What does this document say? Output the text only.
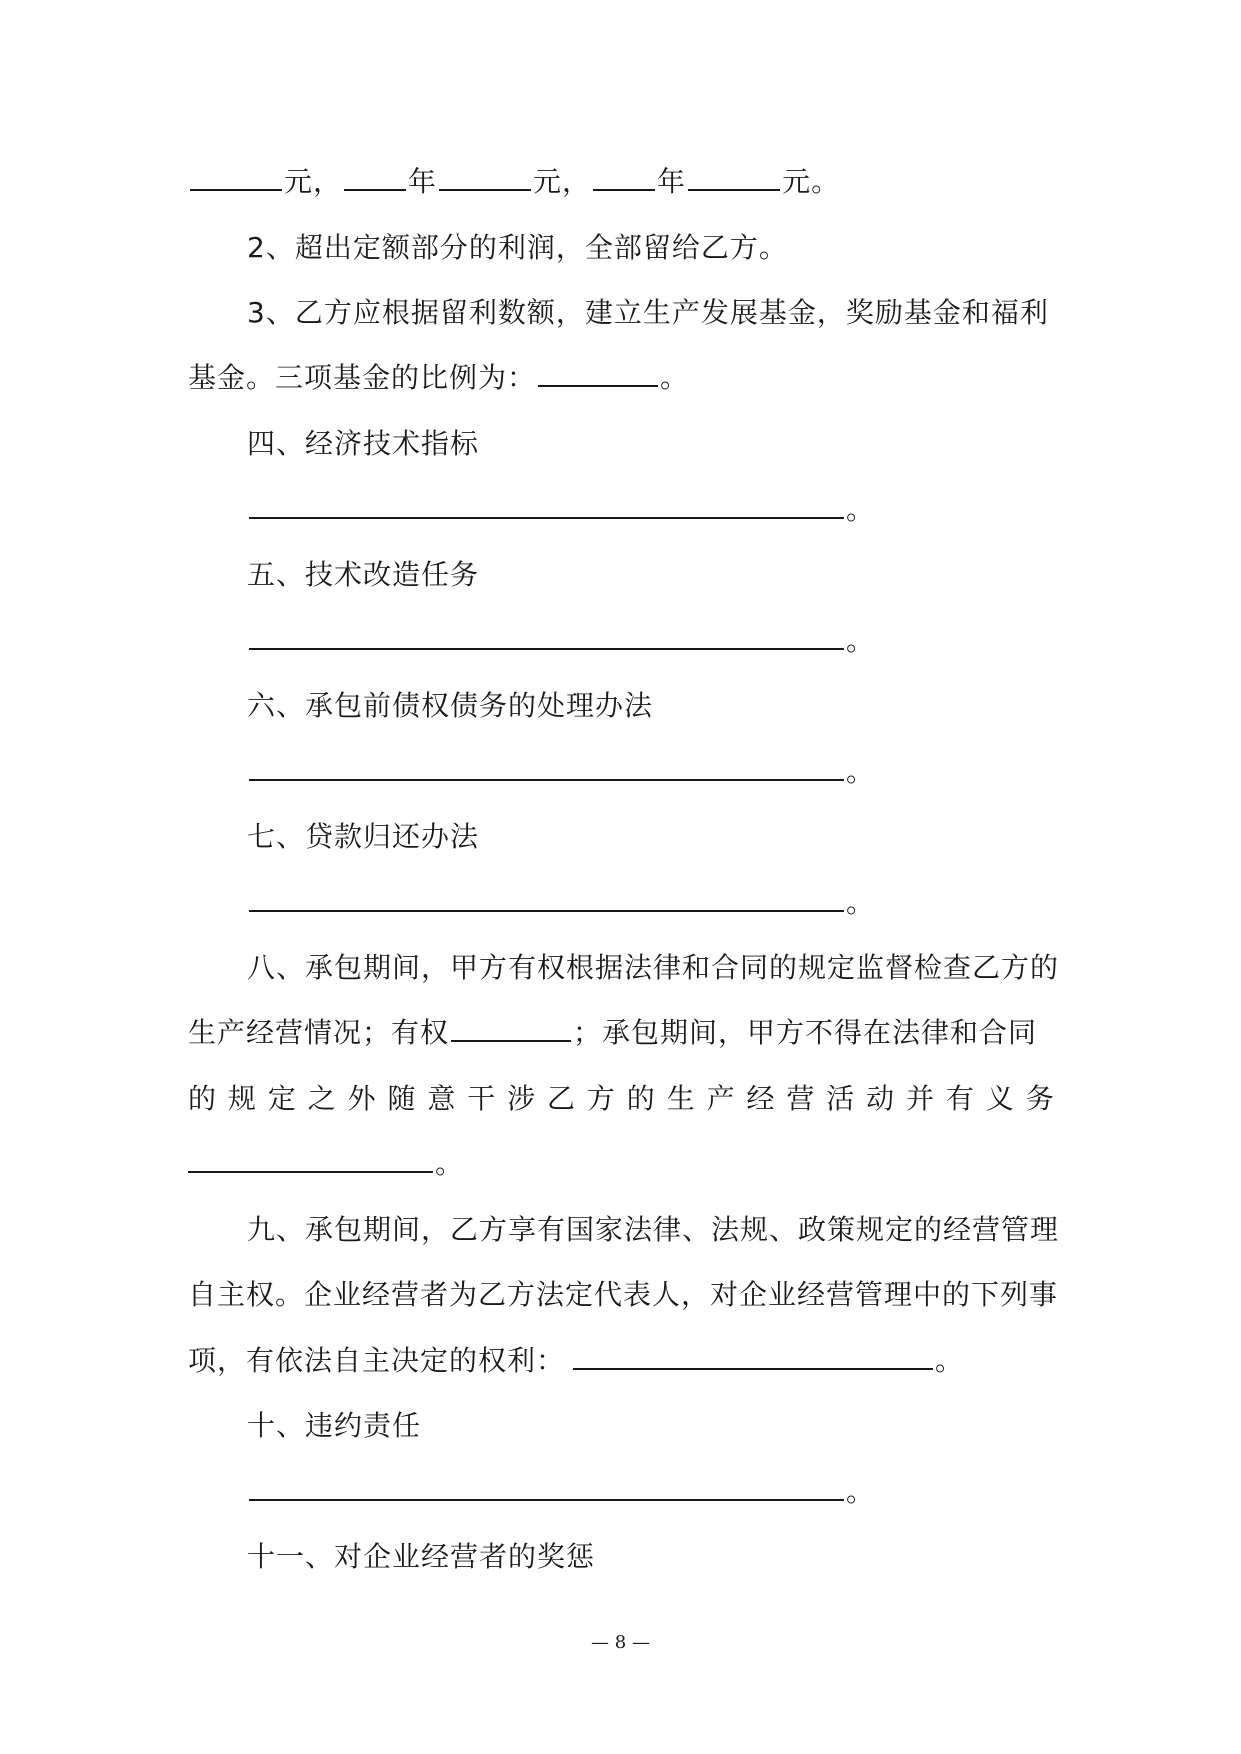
元， 年	元， 年	元。
2、超出定额部分的利润，全部留给乙方。
3、乙方应根据留利数额，建立生产发展基金，奖励基金和福利
基金。三项基金的比例为：	。
四、经济技术指标
。
五、技术改造任务
。
六、承包前债权债务的处理办法
。
七、贷款归还办法
。
八、承包期间，甲方有权根据法律和合同的规定监督检查乙方的
生产经营情况；有权	；承包期间，甲方不得在法律和合同
的 规 定 之 外 随 意 干 涉 乙 方 的 生 产 经 营 活 动 并 有 义 务
。
九、承包期间，乙方享有国家法律、法规、政策规定的经营管理
自主权。企业经营者为乙方法定代表人，对企业经营管理中的下列事
项，有依法自主决定的权利：	。
十、违约责任
。
十一、对企业经营者的奖惩
— 8 —
